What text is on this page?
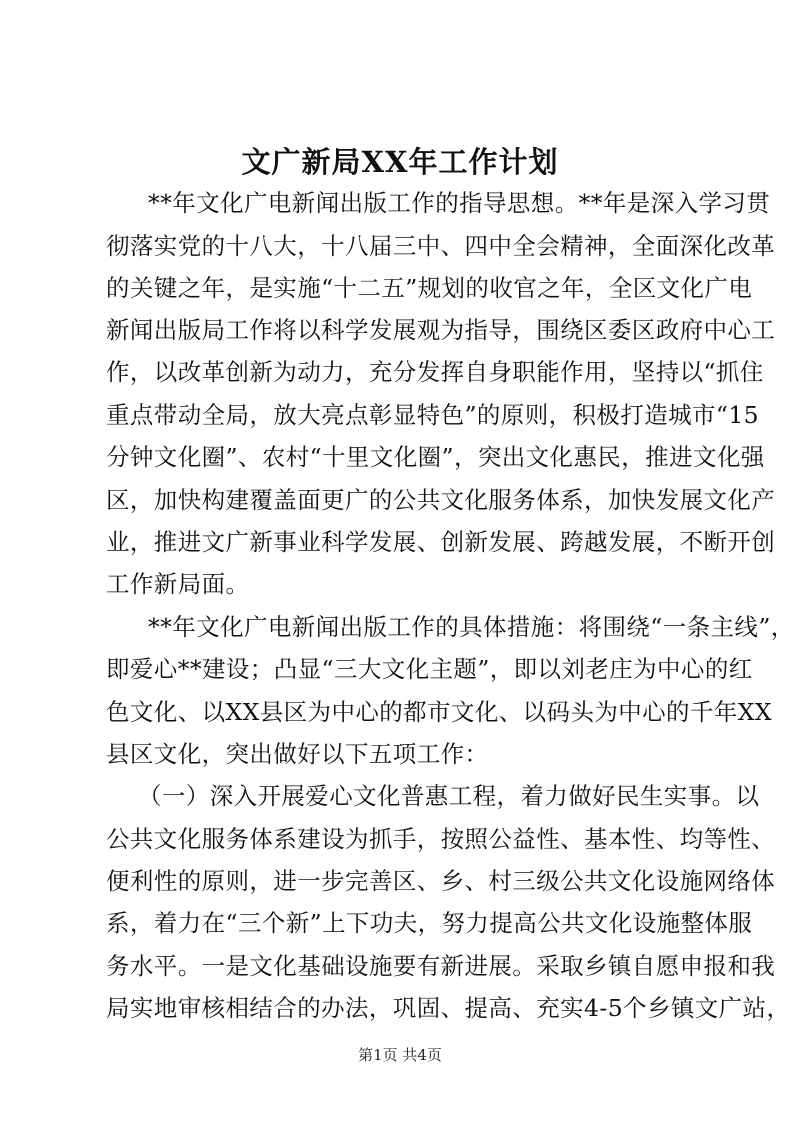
文广新局XX年工作计划
**年文化广电新闻出版工作的指导思想。**年是深入学习贯
彻落实党的十八大，十八届三中、四中全会精神，全面深化改革
的关键之年，是实施“十二五”规划的收官之年，全区文化广电
新闻出版局工作将以科学发展观为指导，围绕区委区政府中心工
作，以改革创新为动力，充分发挥自身职能作用，坚持以“抓住
重点带动全局，放大亮点彰显特色”的原则，积极打造城市“15
分钟文化圈”、农村“十里文化圈”，突出文化惠民，推进文化强
区，加快构建覆盖面更广的公共文化服务体系，加快发展文化产
业，推进文广新事业科学发展、创新发展、跨越发展，不断开创
工作新局面。
**年文化广电新闻出版工作的具体措施：将围绕“一条主线”，
即爱心**建设；凸显“三大文化主题”，即以刘老庄为中心的红
色文化、以XX县区为中心的都市文化、以码头为中心的千年XX
县区文化，突出做好以下五项工作：
（一）深入开展爱心文化普惠工程，着力做好民生实事。以
公共文化服务体系建设为抓手，按照公益性、基本性、均等性、
便利性的原则，进一步完善区、乡、村三级公共文化设施网络体
系，着力在“三个新”上下功夫，努力提高公共文化设施整体服
务水平。一是文化基础设施要有新进展。采取乡镇自愿申报和我
局实地审核相结合的办法，巩固、提高、充实4-5个乡镇文广站，
第1页 共4页
